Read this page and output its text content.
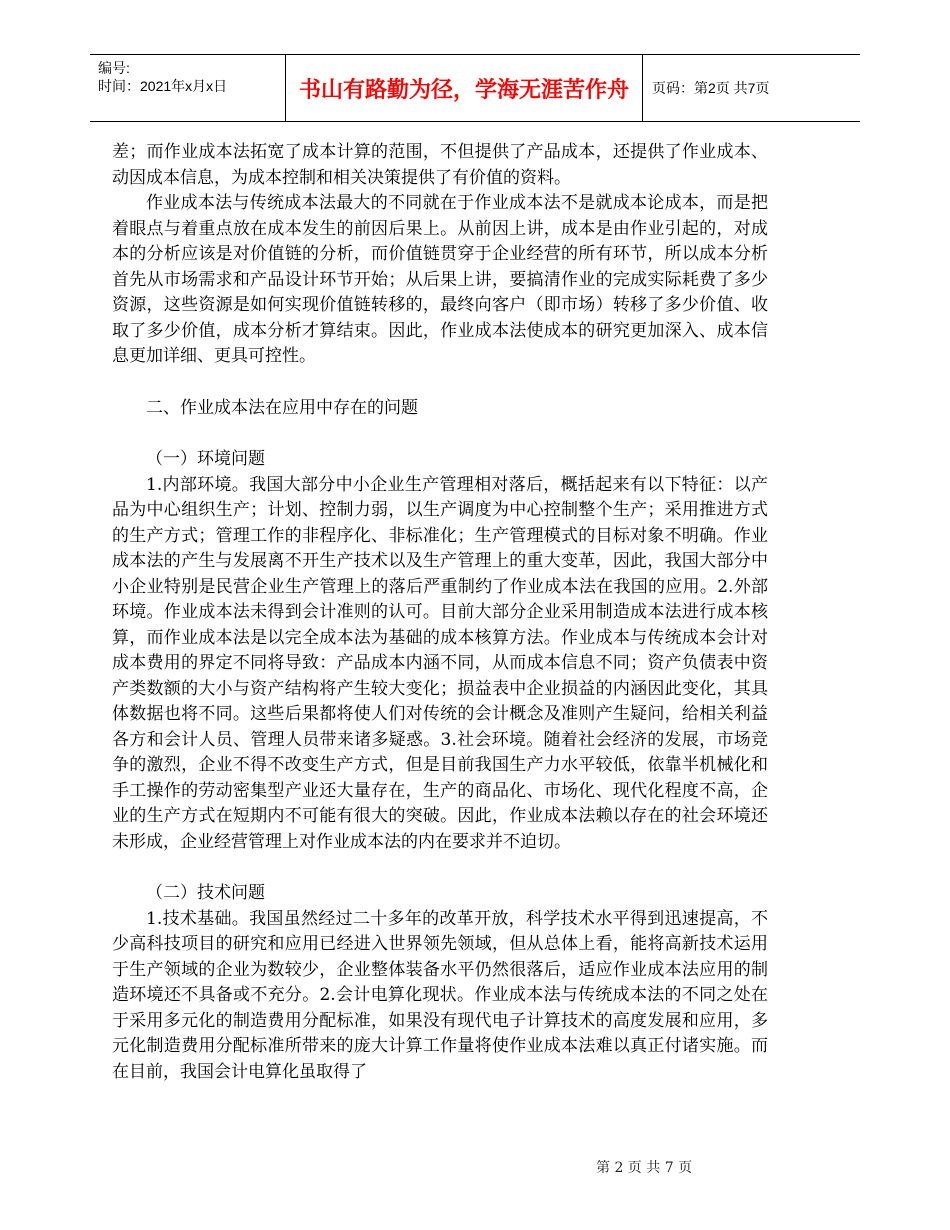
编号:
时间：2021年x月x日	书山有路勤为径，学海无涯苦作舟	页码：第2页 共7页

差；而作业成本法拓宽了成本计算的范围，不但提供了产品成本，还提供了作业成本、动因成本信息，为成本控制和相关决策提供了有价值的资料。

作业成本法与传统成本法最大的不同就在于作业成本法不是就成本论成本，而是把着眼点与着重点放在成本发生的前因后果上。从前因上讲，成本是由作业引起的，对成本的分析应该是对价值链的分析，而价值链贯穿于企业经营的所有环节，所以成本分析首先从市场需求和产品设计环节开始；从后果上讲，要搞清作业的完成实际耗费了多少资源，这些资源是如何实现价值链转移的，最终向客户（即市场）转移了多少价值、收取了多少价值，成本分析才算结束。因此，作业成本法使成本的研究更加深入、成本信息更加详细、更具可控性。

二、作业成本法在应用中存在的问题

（一）环境问题

1.内部环境。我国大部分中小企业生产管理相对落后，概括起来有以下特征：以产品为中心组织生产；计划、控制力弱，以生产调度为中心控制整个生产；采用推进方式的生产方式；管理工作的非程序化、非标准化；生产管理模式的目标对象不明确。作业成本法的产生与发展离不开生产技术以及生产管理上的重大变革，因此，我国大部分中小企业特别是民营企业生产管理上的落后严重制约了作业成本法在我国的应用。2.外部环境。作业成本法未得到会计准则的认可。目前大部分企业采用制造成本法进行成本核算，而作业成本法是以完全成本法为基础的成本核算方法。作业成本与传统成本会计对成本费用的界定不同将导致：产品成本内涵不同，从而成本信息不同；资产负债表中资产类数额的大小与资产结构将产生较大变化；损益表中企业损益的内涵因此变化，其具体数据也将不同。这些后果都将使人们对传统的会计概念及准则产生疑问，给相关利益各方和会计人员、管理人员带来诸多疑惑。3.社会环境。随着社会经济的发展，市场竞争的激烈，企业不得不改变生产方式，但是目前我国生产力水平较低，依靠半机械化和手工操作的劳动密集型产业还大量存在，生产的商品化、市场化、现代化程度不高，企业的生产方式在短期内不可能有很大的突破。因此，作业成本法赖以存在的社会环境还未形成，企业经营管理上对作业成本法的内在要求并不迫切。

（二）技术问题

1.技术基础。我国虽然经过二十多年的改革开放，科学技术水平得到迅速提高，不少高科技项目的研究和应用已经进入世界领先领域，但从总体上看，能将高新技术运用于生产领域的企业为数较少，企业整体装备水平仍然很落后，适应作业成本法应用的制造环境还不具备或不充分。2.会计电算化现状。作业成本法与传统成本法的不同之处在于采用多元化的制造费用分配标准，如果没有现代电子计算技术的高度发展和应用，多元化制造费用分配标准所带来的庞大计算工作量将使作业成本法难以真正付诸实施。而在目前，我国会计电算化虽取得了

第 2 页 共 7 页
